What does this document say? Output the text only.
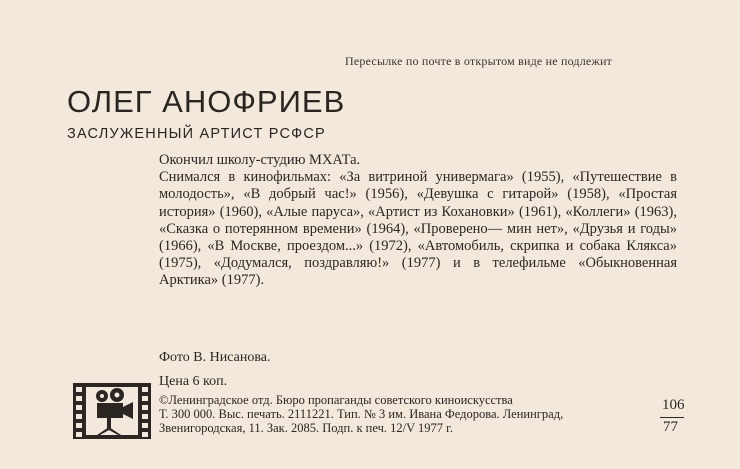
Пересылке по почте в открытом виде не подлежит
ОЛЕГ АНОФРИЕВ
ЗАСЛУЖЕННЫЙ АРТИСТ РСФСР

Окончил школу-студию МХАТа.

Снимался в кинофильмах: «За витриной универмага» (1955), «Путешествие в молодость», «В добрый час!» (1956), «Девушка с гитарой» (1958), «Простая история» (1960), «Алые паруса», «Артист из Кохановки» (1961), «Коллеги» (1963), «Сказка о потерянном времени» (1964), «Проверено— мин нет», «Друзья и годы» (1966), «В Москве, проездом...» (1972), «Автомобиль, скрипка и собака Клякса» (1975), «Додумался, поздравляю!» (1977) и в телефильме «Обыкновенная Арктика» (1977).

Фото В. Нисанова.
Цена 6 коп.
©Ленинградское отд. Бюро пропаганды советского киноискусства
Т. 300 000. Выс. печать. 2111221. Тип. № 3 им. Ивана Федорова. Ленинград,
Звенигородская, 11. Зак. 2085. Подп. к печ. 12/V 1977 г.
106
77
